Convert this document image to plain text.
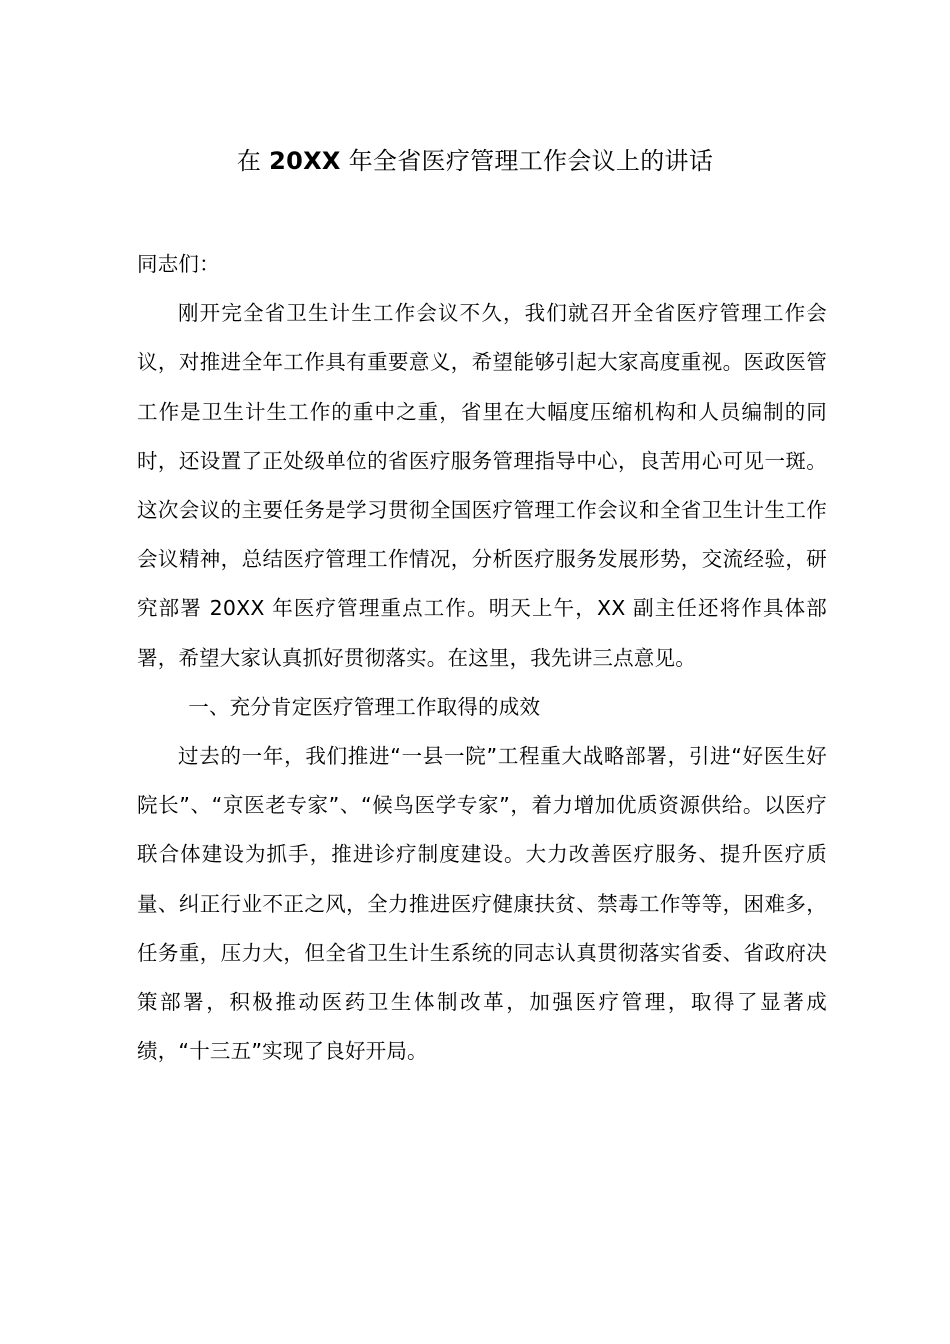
在 20XX 年全省医疗管理工作会议上的讲话

同志们：

刚开完全省卫生计生工作会议不久，我们就召开全省医疗管理工作会议，对推进全年工作具有重要意义，希望能够引起大家高度重视。医政医管工作是卫生计生工作的重中之重，省里在大幅度压缩机构和人员编制的同时，还设置了正处级单位的省医疗服务管理指导中心，良苦用心可见一斑。这次会议的主要任务是学习贯彻全国医疗管理工作会议和全省卫生计生工作会议精神，总结医疗管理工作情况，分析医疗服务发展形势，交流经验，研究部署 20XX 年医疗管理重点工作。明天上午，XX 副主任还将作具体部署，希望大家认真抓好贯彻落实。在这里，我先讲三点意见。

一、充分肯定医疗管理工作取得的成效

过去的一年，我们推进“一县一院”工程重大战略部署，引进“好医生好院长”、“京医老专家”、“候鸟医学专家”，着力增加优质资源供给。以医疗联合体建设为抓手，推进诊疗制度建设。大力改善医疗服务、提升医疗质量、纠正行业不正之风，全力推进医疗健康扶贫、禁毒工作等等，困难多，任务重，压力大，但全省卫生计生系统的同志认真贯彻落实省委、省政府决策部署，积极推动医药卫生体制改革，加强医疗管理，取得了显著成绩，“十三五”实现了良好开局。
